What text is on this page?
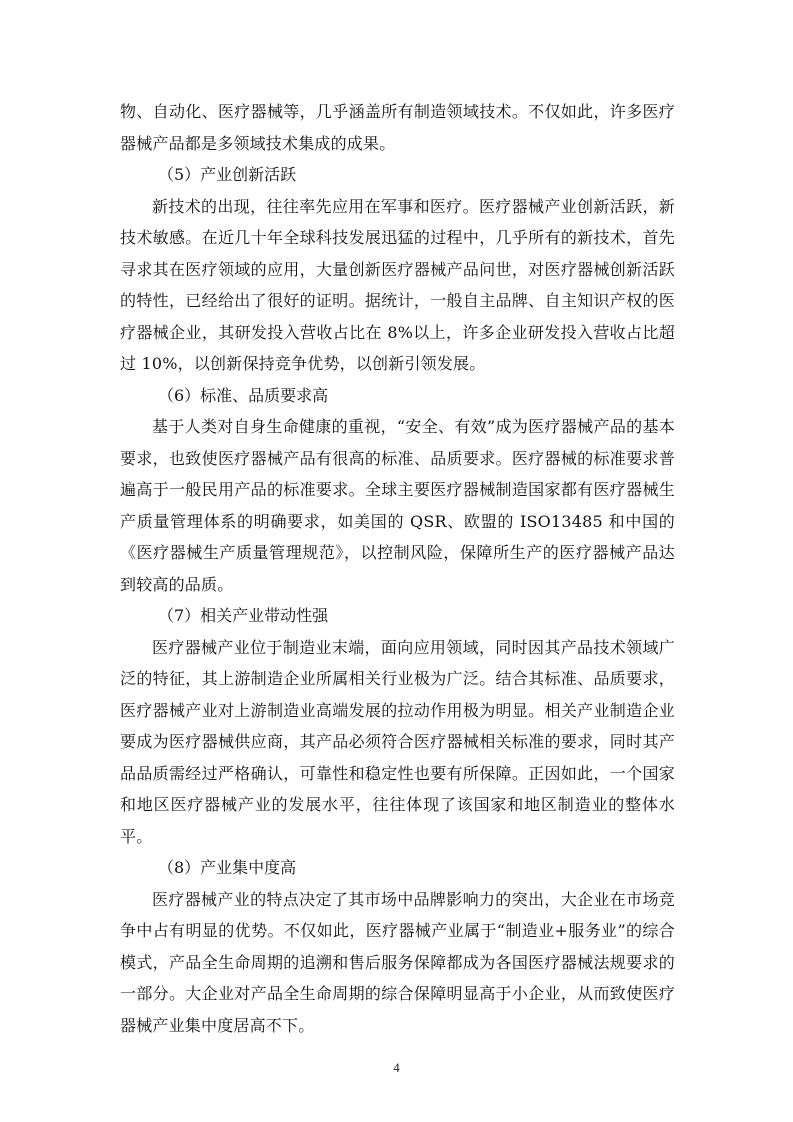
物、自动化、医疗器械等，几乎涵盖所有制造领域技术。不仅如此，许多医疗器械产品都是多领域技术集成的成果。

（5）产业创新活跃

新技术的出现，往往率先应用在军事和医疗。医疗器械产业创新活跃，新技术敏感。在近几十年全球科技发展迅猛的过程中，几乎所有的新技术，首先寻求其在医疗领域的应用，大量创新医疗器械产品问世，对医疗器械创新活跃的特性，已经给出了很好的证明。据统计，一般自主品牌、自主知识产权的医疗器械企业，其研发投入营收占比在 8%以上，许多企业研发投入营收占比超过 10%，以创新保持竞争优势，以创新引领发展。

（6）标准、品质要求高

基于人类对自身生命健康的重视，“安全、有效”成为医疗器械产品的基本要求，也致使医疗器械产品有很高的标准、品质要求。医疗器械的标准要求普遍高于一般民用产品的标准要求。全球主要医疗器械制造国家都有医疗器械生产质量管理体系的明确要求，如美国的 QSR、欧盟的 ISO13485 和中国的《医疗器械生产质量管理规范》，以控制风险，保障所生产的医疗器械产品达到较高的品质。

（7）相关产业带动性强

医疗器械产业位于制造业末端，面向应用领域，同时因其产品技术领域广泛的特征，其上游制造企业所属相关行业极为广泛。结合其标准、品质要求，医疗器械产业对上游制造业高端发展的拉动作用极为明显。相关产业制造企业要成为医疗器械供应商，其产品必须符合医疗器械相关标准的要求，同时其产品品质需经过严格确认，可靠性和稳定性也要有所保障。正因如此，一个国家和地区医疗器械产业的发展水平，往往体现了该国家和地区制造业的整体水平。

（8）产业集中度高

医疗器械产业的特点决定了其市场中品牌影响力的突出，大企业在市场竞争中占有明显的优势。不仅如此，医疗器械产业属于“制造业+服务业”的综合模式，产品全生命周期的追溯和售后服务保障都成为各国医疗器械法规要求的一部分。大企业对产品全生命周期的综合保障明显高于小企业，从而致使医疗器械产业集中度居高不下。

4
